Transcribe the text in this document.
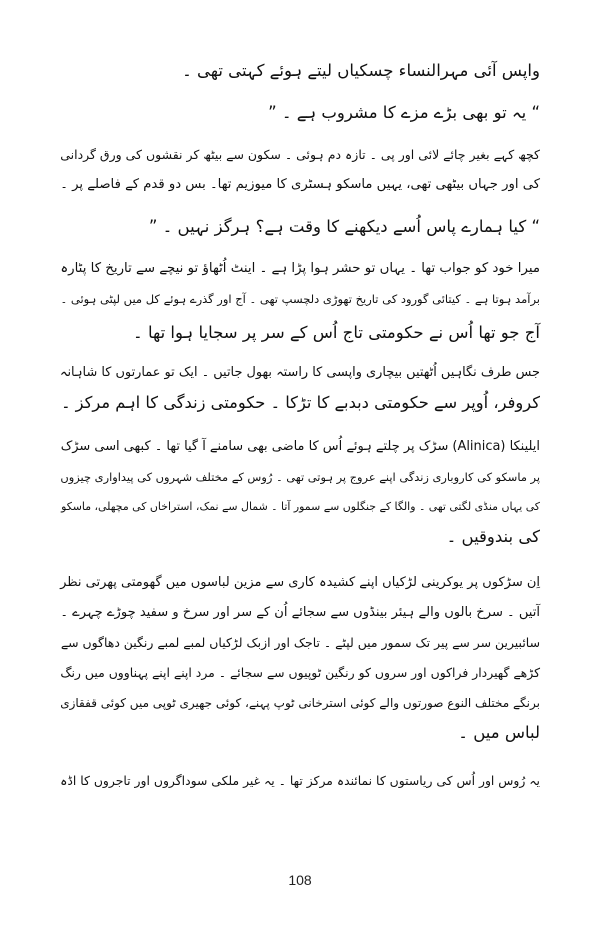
واپس آئی مہرالنساء چسکیاں لیتے ہوئے کہتی تھی ۔
“ یہ تو بھی بڑے مزے کا مشروب ہے ۔ ”
کچھ کہے بغیر چائے لائی اور پی ۔ تازہ دم ہوئی ۔ سکون سے بیٹھ کر نقشوں کی ورق گردانی
کی اور جہاں بیٹھی تھی، یہیں ماسکو ہسٹری کا میوزیم تھا۔ بس دو قدم کے فاصلے پر ۔
“ کیا ہمارے پاس اُسے دیکھنے کا وقت ہے؟ ہرگز نہیں ۔ ”
میرا خود کو جواب تھا ۔ یہاں تو حشر ہوا پڑا ہے ۔ اینٹ اُٹھاؤ تو نیچے سے تاریخ کا پٹارہ
برآمد ہوتا ہے ۔ کیتائی گورود کی تاریخ تھوڑی دلچسپ تھی ۔ آج اور گذرے ہوئے کل میں لپٹی ہوئی ۔
آج جو تھا اُس نے حکومتی تاج اُس کے سر پر سجایا ہوا تھا ۔
جس طرف نگاہیں اُٹھتیں بیچاری واپسی کا راستہ بھول جاتیں ۔ ایک تو عمارتوں کا شاہانہ
کروفر، اُوپر سے حکومتی دبدبے کا تڑکا ۔ حکومتی زندگی کا اہم مرکز ۔
ایلینکا (Alinica) سڑک پر چلتے ہوئے اُس کا ماضی بھی سامنے آ گیا تھا ۔ کبھی اسی سڑک
پر ماسکو کی کاروباری زندگی اپنے عروج پر ہوتی تھی ۔ رُوس کے مختلف شہروں کی پیداواری چیزوں
کی یہاں منڈی لگتی تھی ۔ والگا کے جنگلوں سے سمور آتا ۔ شمال سے نمک، استراخاں کی مچھلی، ماسکو
کی بندوقیں ۔
اِن سڑکوں پر یوکرینی لڑکیاں اپنے کشیدہ کاری سے مزین لباسوں میں گھومتی پھرتی نظر
آتیں ۔ سرخ بالوں والے ہیئر بینڈوں سے سجائے اُن کے سر اور سرخ و سفید چوڑے چہرے ۔
سائبیرین سر سے پیر تک سمور میں لپٹے ۔ تاجک اور ازبک لڑکیاں لمبے لمبے رنگین دھاگوں سے
کڑھے گھیردار فراکوں اور سروں کو رنگین ٹوپیوں سے سجائے ۔ مرد اپنے اپنے پہناووں میں رنگ
برنگے مختلف النوع صورتوں والے کوئی استرخانی ٹوپ پہنے، کوئی جھیری ٹوپی میں کوئی قفقازی
لباس میں ۔
یہ رُوس اور اُس کی ریاستوں کا نمائندہ مرکز تھا ۔ یہ غیر ملکی سوداگروں اور تاجروں کا اڈہ
108
